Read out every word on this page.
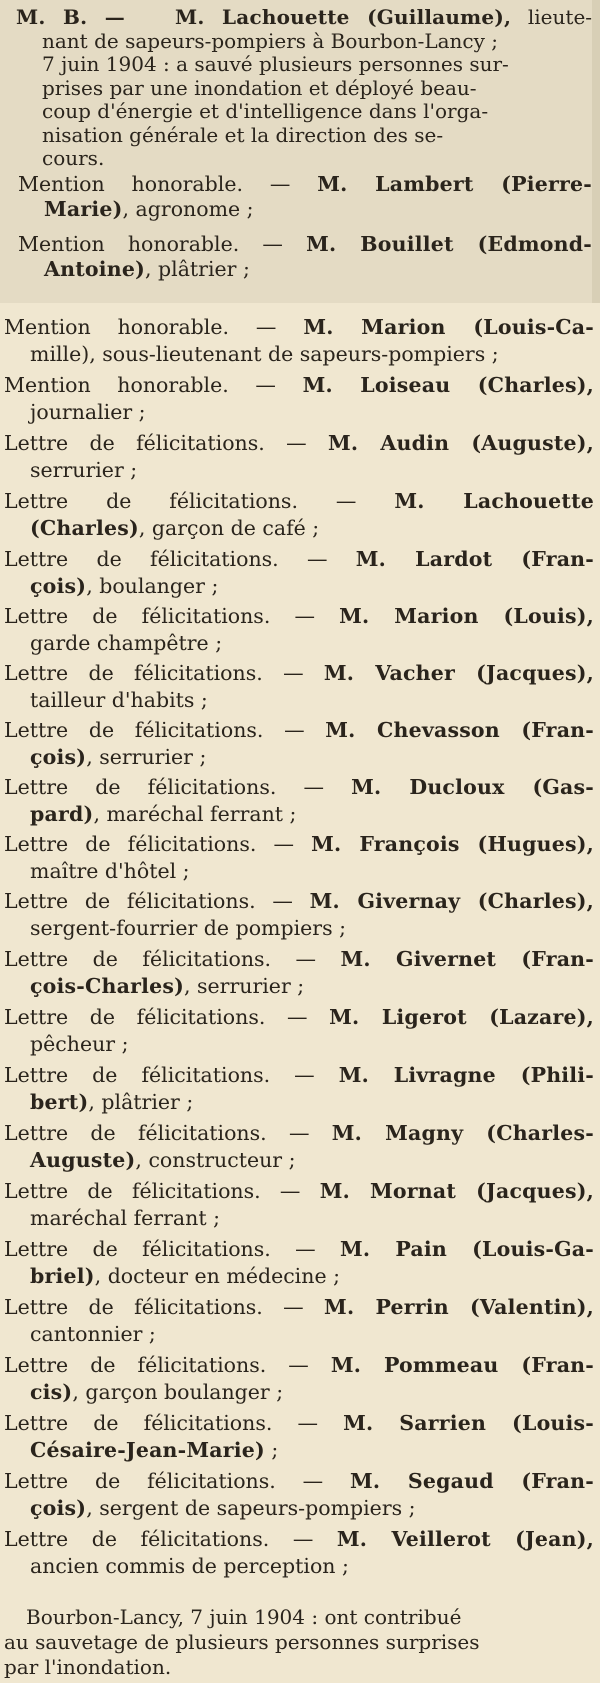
M. B. —	M. Lachouette (Guillaume), lieute-

nant de sapeurs-pompiers à Bourbon-Lancy ;

7 juin 1904 : a sauvé plusieurs personnes sur-

prises par une inondation et déployé beau-

coup d'énergie et d'intelligence dans l'orga-

nisation générale et la direction des se-

cours.

Mention honorable. — M. Lambert (Pierre-

Marie), agronome ;

Mention honorable. — M. Bouillet (Edmond-

Antoine), plâtrier ;

Mention honorable. — M. Marion (Louis-Ca-

mille), sous-lieutenant de sapeurs-pompiers ;

Mention honorable. — M. Loiseau (Charles),

journalier ;

Lettre de félicitations. — M. Audin (Auguste),

serrurier ;

Lettre de félicitations. — M. Lachouette

(Charles), garçon de café ;

Lettre de félicitations. — M. Lardot (Fran-

çois), boulanger ;

Lettre de félicitations. — M. Marion (Louis),

garde champêtre ;

Lettre de félicitations. — M. Vacher (Jacques),

tailleur d'habits ;

Lettre de félicitations. — M. Chevasson (Fran-

çois), serrurier ;

Lettre de félicitations. — M. Ducloux (Gas-

pard), maréchal ferrant ;

Lettre de félicitations. — M. François (Hugues),

maître d'hôtel ;

Lettre de félicitations. — M. Givernay (Charles),

sergent-fourrier de pompiers ;

Lettre de félicitations. — M. Givernet (Fran-

çois-Charles), serrurier ;

Lettre de félicitations. — M. Ligerot (Lazare),

pêcheur ;

Lettre de félicitations. — M. Livragne (Phili-

bert), plâtrier ;

Lettre de félicitations. — M. Magny (Charles-

Auguste), constructeur ;

Lettre de félicitations. — M. Mornat (Jacques),

maréchal ferrant ;

Lettre de félicitations. — M. Pain (Louis-Ga-

briel), docteur en médecine ;

Lettre de félicitations. — M. Perrin (Valentin),

cantonnier ;

Lettre de félicitations. — M. Pommeau (Fran-

cis), garçon boulanger ;

Lettre de félicitations. — M. Sarrien (Louis-

Césaire-Jean-Marie) ;

Lettre de félicitations. — M. Segaud (Fran-

çois), sergent de sapeurs-pompiers ;

Lettre de félicitations. — M. Veillerot (Jean),

ancien commis de perception ;

Bourbon-Lancy, 7 juin 1904 : ont contribué

au sauvetage de plusieurs personnes surprises

par l'inondation.
